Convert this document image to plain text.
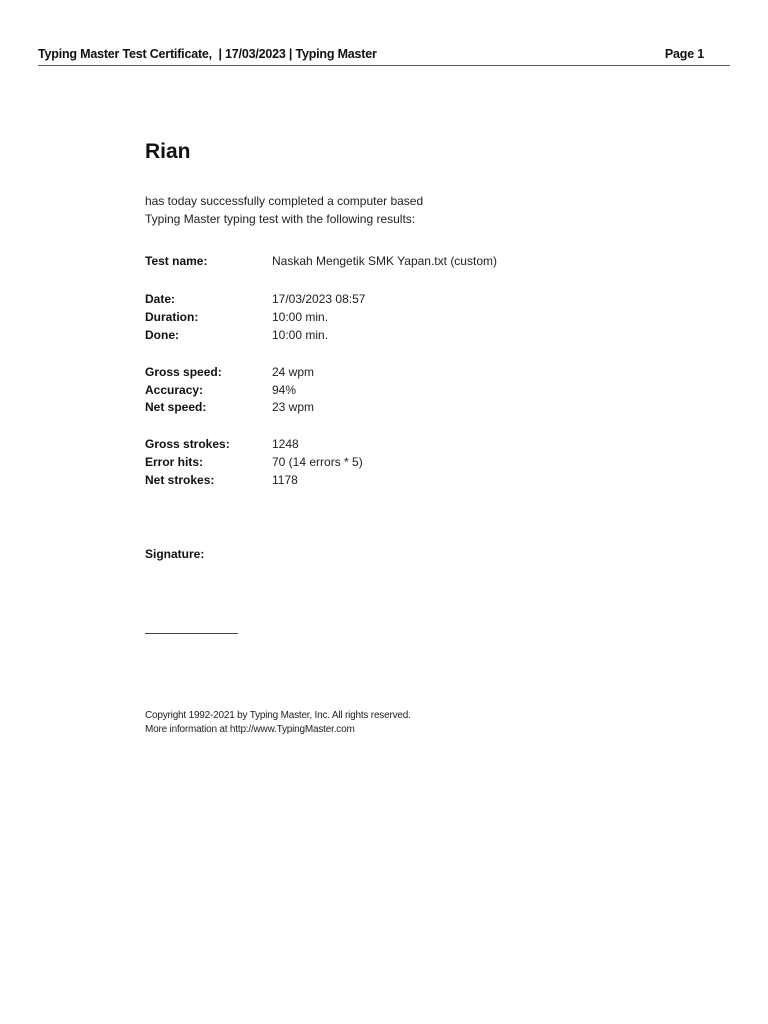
Typing Master Test Certificate,  | 17/03/2023 | Typing Master	Page 1
Rian
has today successfully completed a computer based
Typing Master typing test with the following results:
Test name:	Naskah Mengetik SMK Yapan.txt (custom)
Date:	17/03/2023 08:57
Duration:	10:00 min.
Done:	10:00 min.
Gross speed:	24 wpm
Accuracy:	94%
Net speed:	23 wpm
Gross strokes:	1248
Error hits:	70 (14 errors * 5)
Net strokes:	1178
Signature:
Copyright 1992-2021 by Typing Master, Inc. All rights reserved.
More information at http://www.TypingMaster.com
